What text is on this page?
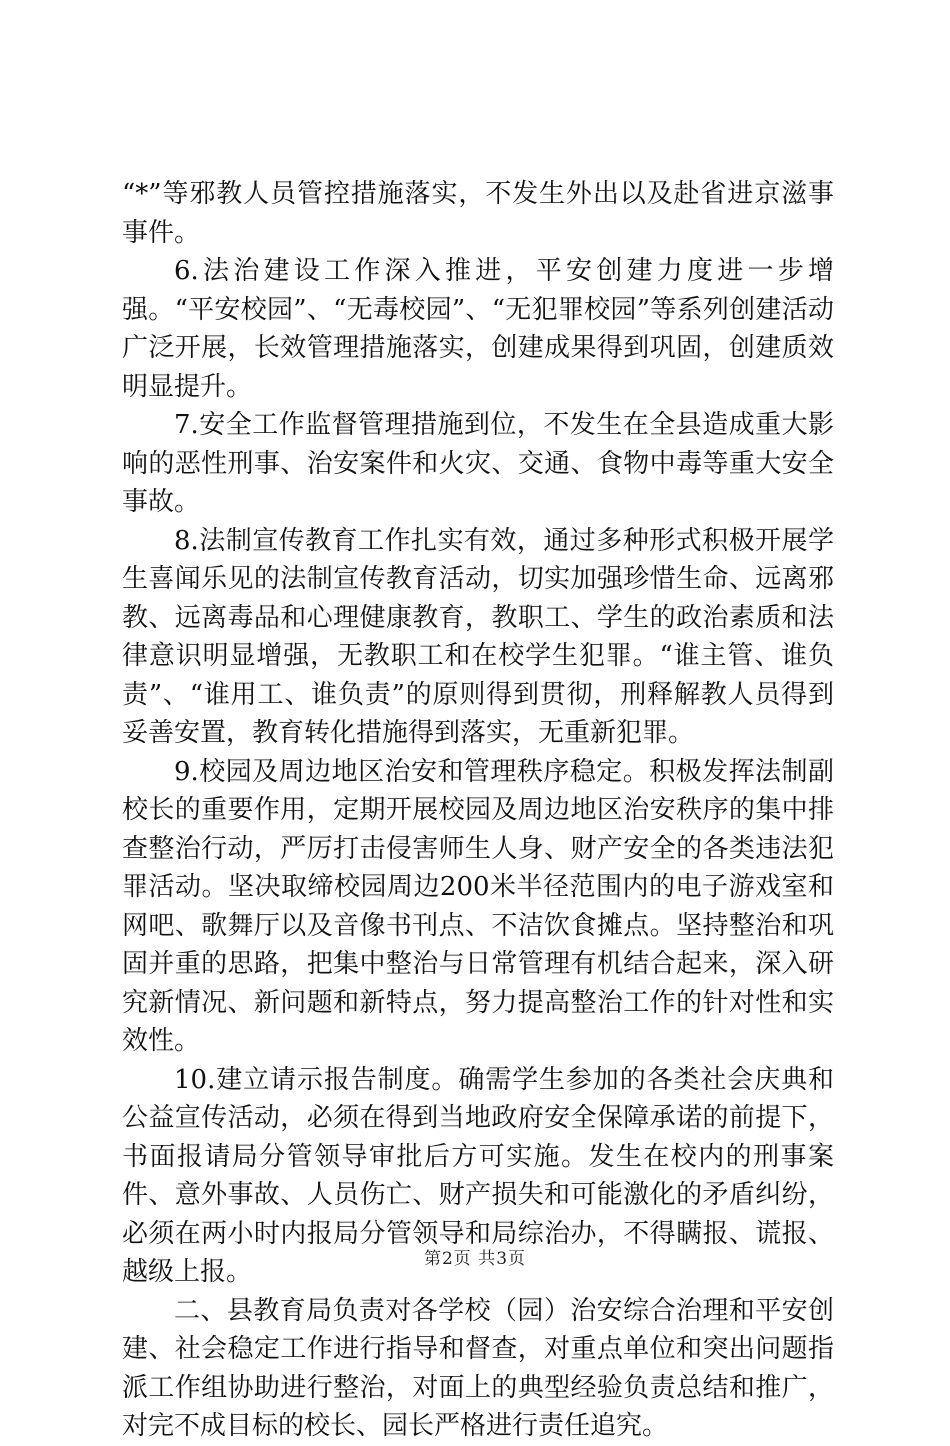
“*”等邪教人员管控措施落实，不发生外出以及赴省进京滋事事件。

6.法治建设工作深入推进，平安创建力度进一步增强。“平安校园”、“无毒校园”、“无犯罪校园”等系列创建活动广泛开展，长效管理措施落实，创建成果得到巩固，创建质效明显提升。

7.安全工作监督管理措施到位，不发生在全县造成重大影响的恶性刑事、治安案件和火灾、交通、食物中毒等重大安全事故。

8.法制宣传教育工作扎实有效，通过多种形式积极开展学生喜闻乐见的法制宣传教育活动，切实加强珍惜生命、远离邪教、远离毒品和心理健康教育，教职工、学生的政治素质和法律意识明显增强，无教职工和在校学生犯罪。“谁主管、谁负责”、“谁用工、谁负责”的原则得到贯彻，刑释解教人员得到妥善安置，教育转化措施得到落实，无重新犯罪。

9.校园及周边地区治安和管理秩序稳定。积极发挥法制副校长的重要作用，定期开展校园及周边地区治安秩序的集中排查整治行动，严厉打击侵害师生人身、财产安全的各类违法犯罪活动。坚决取缔校园周边200米半径范围内的电子游戏室和网吧、歌舞厅以及音像书刊点、不洁饮食摊点。坚持整治和巩固并重的思路，把集中整治与日常管理有机结合起来，深入研究新情况、新问题和新特点，努力提高整治工作的针对性和实效性。

10.建立请示报告制度。确需学生参加的各类社会庆典和公益宣传活动，必须在得到当地政府安全保障承诺的前提下，书面报请局分管领导审批后方可实施。发生在校内的刑事案件、意外事故、人员伤亡、财产损失和可能激化的矛盾纠纷，必须在两小时内报局分管领导和局综治办，不得瞒报、谎报、越级上报。

二、县教育局负责对各学校（园）治安综合治理和平安创建、社会稳定工作进行指导和督查，对重点单位和突出问题指派工作组协助进行整治，对面上的典型经验负责总结和推广，对完不成目标的校长、园长严格进行责任追究。

第2页 共3页
